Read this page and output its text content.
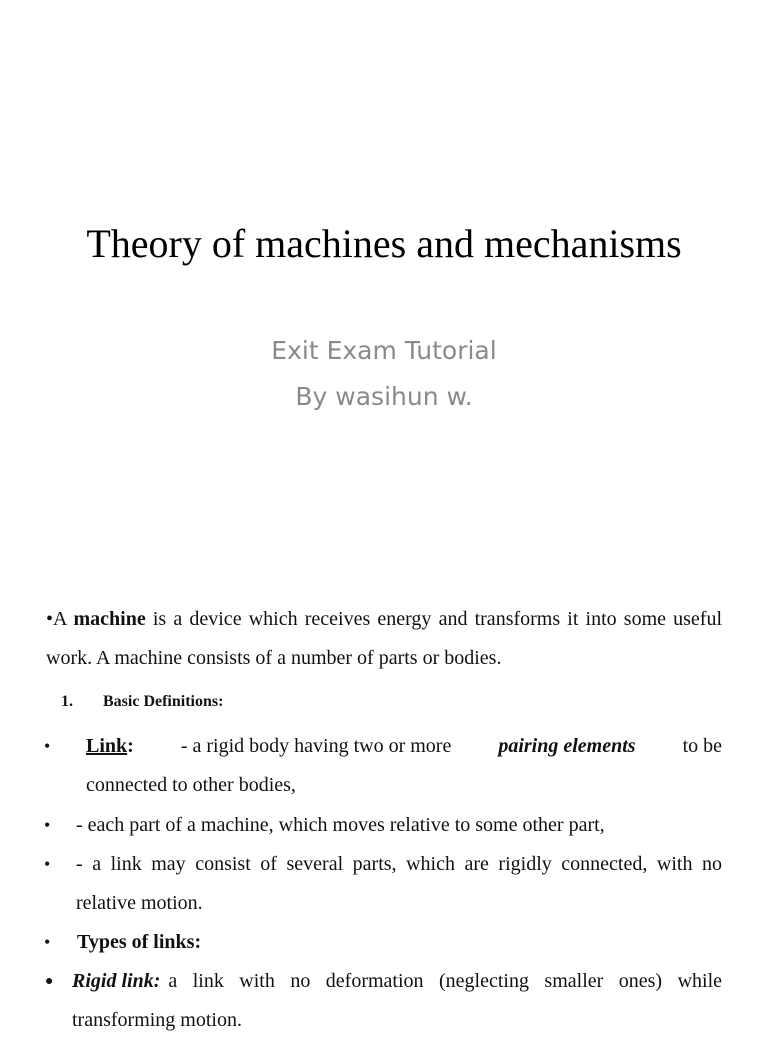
Theory of machines and mechanisms
Exit Exam Tutorial
By wasihun w.
•A machine is a device which receives energy and transforms it into some useful work. A machine consists of a number of parts or bodies.
1. Basic Definitions:
• Link: - a rigid body having two or more pairing elements to be
connected to other bodies,
• - each part of a machine, which moves relative to some other part,
• - a link may consist of several parts, which are rigidly connected, with no
relative motion.
• Types of links:
● Rigid link: a link with no deformation (neglecting smaller ones) while
transforming motion.
